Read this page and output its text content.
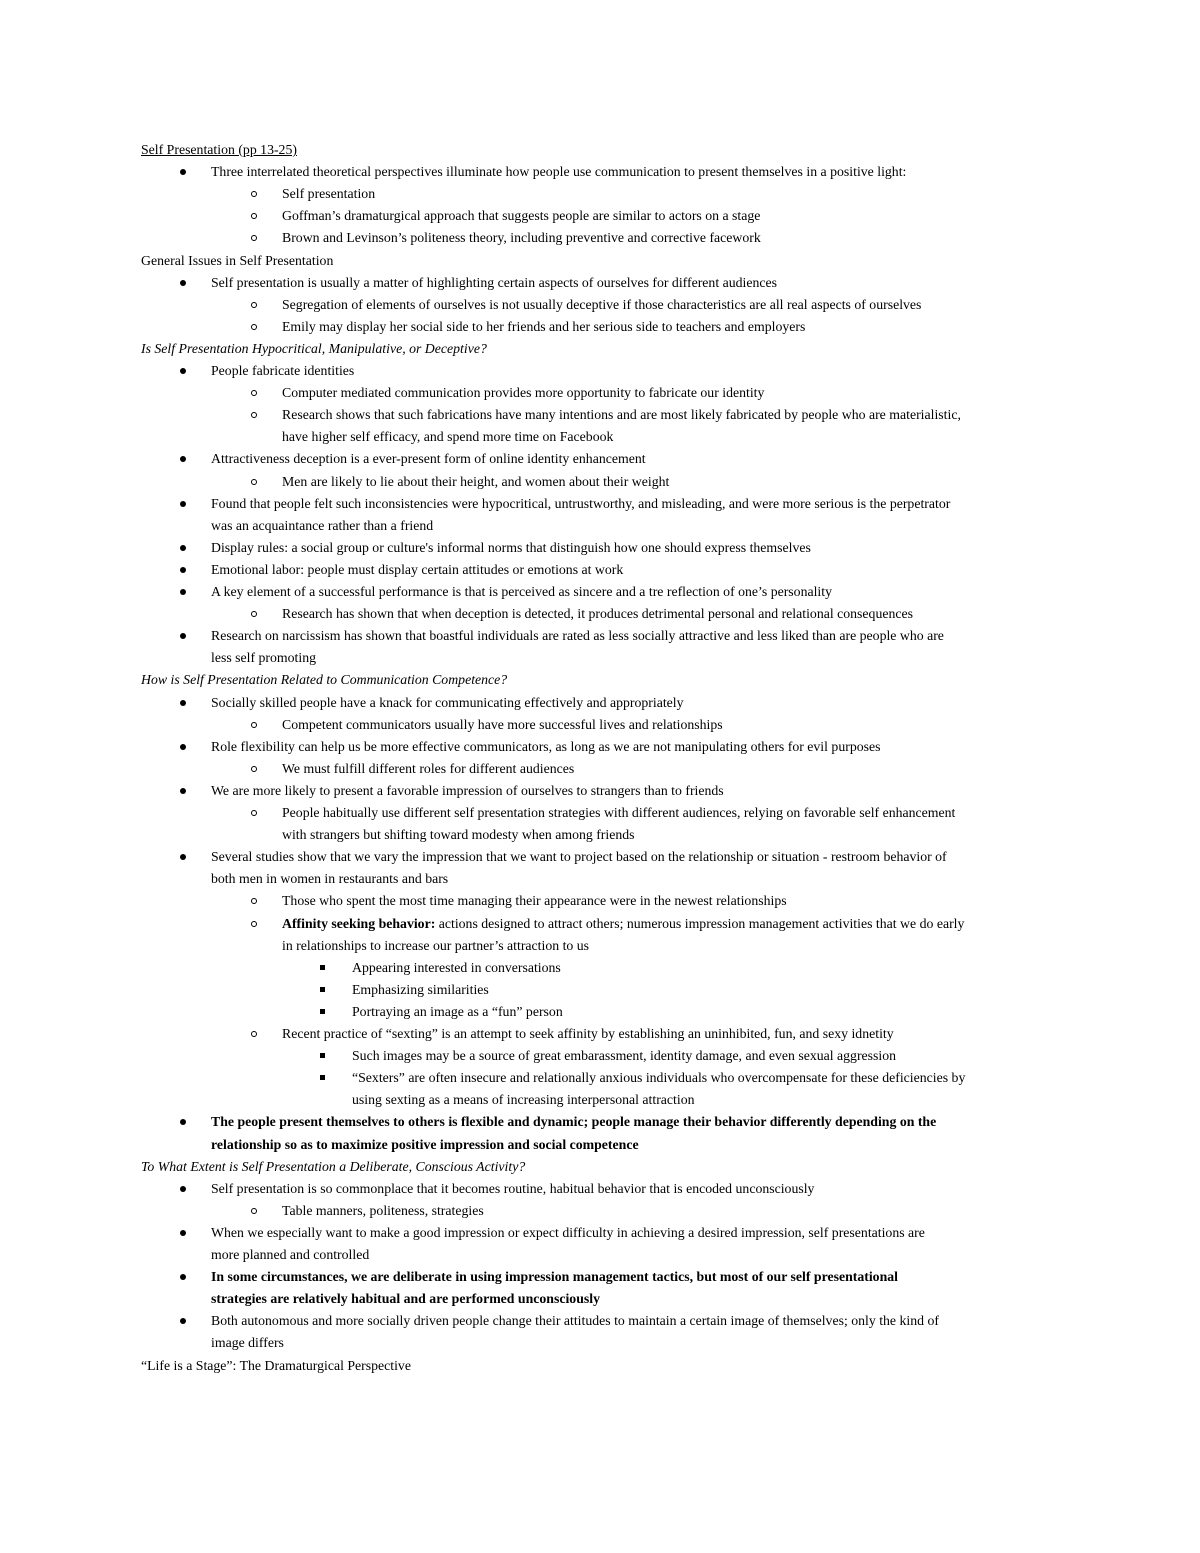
Self Presentation (pp 13-25)
Three interrelated theoretical perspectives illuminate how people use communication to present themselves in a positive light:
Self presentation
Goffman’s dramaturgical approach that suggests people are similar to actors on a stage
Brown and Levinson’s politeness theory, including preventive and corrective facework
General Issues in Self Presentation
Self presentation is usually a matter of highlighting certain aspects of ourselves for different audiences
Segregation of elements of ourselves is not usually deceptive if those characteristics are all real aspects of ourselves
Emily may display her social side to her friends and her serious side to teachers and employers
Is Self Presentation Hypocritical, Manipulative, or Deceptive?
People fabricate identities
Computer mediated communication provides more opportunity to fabricate our identity
Research shows that such fabrications have many intentions and are most likely fabricated by people who are materialistic,
have higher self efficacy, and spend more time on Facebook
Attractiveness deception is a ever-present form of online identity enhancement
Men are likely to lie about their height, and women about their weight
Found that people felt such inconsistencies were hypocritical, untrustworthy, and misleading, and were more serious is the perpetrator
was an acquaintance rather than a friend
Display rules: a social group or culture's informal norms that distinguish how one should express themselves
Emotional labor: people must display certain attitudes or emotions at work
A key element of a successful performance is that is perceived as sincere and a tre reflection of one’s personality
Research has shown that when deception is detected, it produces detrimental personal and relational consequences
Research on narcissism has shown that boastful individuals are rated as less socially attractive and less liked than are people who are
less self promoting
How is Self Presentation Related to Communication Competence?
Socially skilled people have a knack for communicating effectively and appropriately
Competent communicators usually have more successful lives and relationships
Role flexibility can help us be more effective communicators, as long as we are not manipulating others for evil purposes
We must fulfill different roles for different audiences
We are more likely to present a favorable impression of ourselves to strangers than to friends
People habitually use different self presentation strategies with different audiences, relying on favorable self enhancement
with strangers but shifting toward modesty when among friends
Several studies show that we vary the impression that we want to project based on the relationship or situation - restroom behavior of
both men in women in restaurants and bars
Those who spent the most time managing their appearance were in the newest relationships
Affinity seeking behavior: actions designed to attract others; numerous impression management activities that we do early
in relationships to increase our partner’s attraction to us
Appearing interested in conversations
Emphasizing similarities
Portraying an image as a “fun” person
Recent practice of “sexting” is an attempt to seek affinity by establishing an uninhibited, fun, and sexy idnetity
Such images may be a source of great embarassment, identity damage, and even sexual aggression
“Sexters” are often insecure and relationally anxious individuals who overcompensate for these deficiencies by
using sexting as a means of increasing interpersonal attraction
The people present themselves to others is flexible and dynamic; people manage their behavior differently depending on the
relationship so as to maximize positive impression and social competence
To What Extent is Self Presentation a Deliberate, Conscious Activity?
Self presentation is so commonplace that it becomes routine, habitual behavior that is encoded unconsciously
Table manners, politeness, strategies
When we especially want to make a good impression or expect difficulty in achieving a desired impression, self presentations are
more planned and controlled
In some circumstances, we are deliberate in using impression management tactics, but most of our self presentational
strategies are relatively habitual and are performed unconsciously
Both autonomous and more socially driven people change their attitudes to maintain a certain image of themselves; only the kind of
image differs
“Life is a Stage”: The Dramaturgical Perspective
